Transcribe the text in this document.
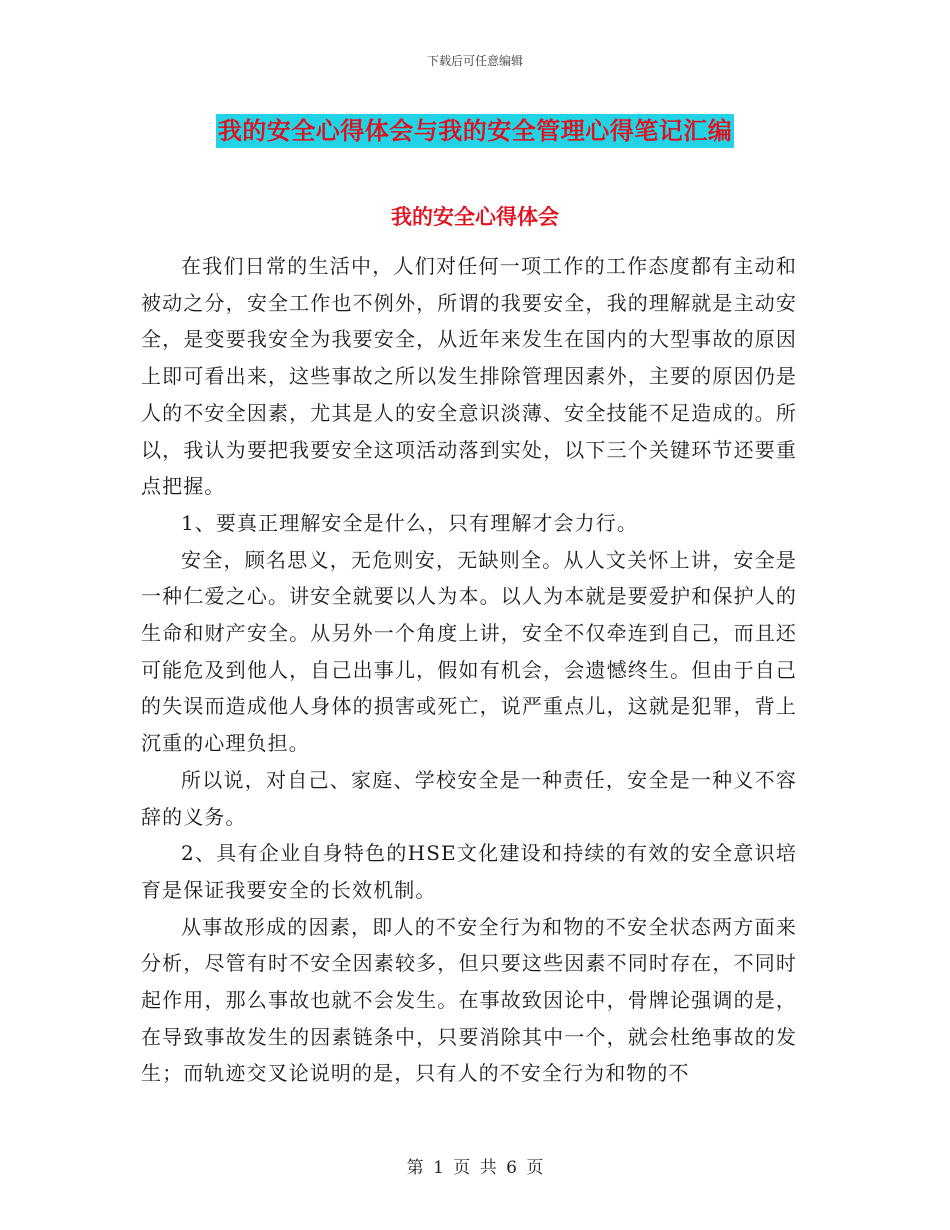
下载后可任意编辑
我的安全心得体会与我的安全管理心得笔记汇编
我的安全心得体会

在我们日常的生活中，人们对任何一项工作的工作态度都有主动和被动之分，安全工作也不例外，所谓的我要安全，我的理解就是主动安全，是变要我安全为我要安全，从近年来发生在国内的大型事故的原因上即可看出来，这些事故之所以发生排除管理因素外，主要的原因仍是人的不安全因素，尤其是人的安全意识淡薄、安全技能不足造成的。所以，我认为要把我要安全这项活动落到实处，以下三个关键环节还要重点把握。

1、要真正理解安全是什么，只有理解才会力行。

安全，顾名思义，无危则安，无缺则全。从人文关怀上讲，安全是一种仁爱之心。讲安全就要以人为本。以人为本就是要爱护和保护人的生命和财产安全。从另外一个角度上讲，安全不仅牵连到自己，而且还可能危及到他人，自己出事儿，假如有机会，会遗憾终生。但由于自己的失误而造成他人身体的损害或死亡，说严重点儿，这就是犯罪，背上沉重的心理负担。

所以说，对自己、家庭、学校安全是一种责任，安全是一种义不容辞的义务。

2、具有企业自身特色的HSE文化建设和持续的有效的安全意识培育是保证我要安全的长效机制。

从事故形成的因素，即人的不安全行为和物的不安全状态两方面来分析，尽管有时不安全因素较多，但只要这些因素不同时存在，不同时起作用，那么事故也就不会发生。在事故致因论中，骨牌论强调的是，在导致事故发生的因素链条中，只要消除其中一个，就会杜绝事故的发生；而轨迹交叉论说明的是，只有人的不安全行为和物的不

第 1 页 共 6 页
